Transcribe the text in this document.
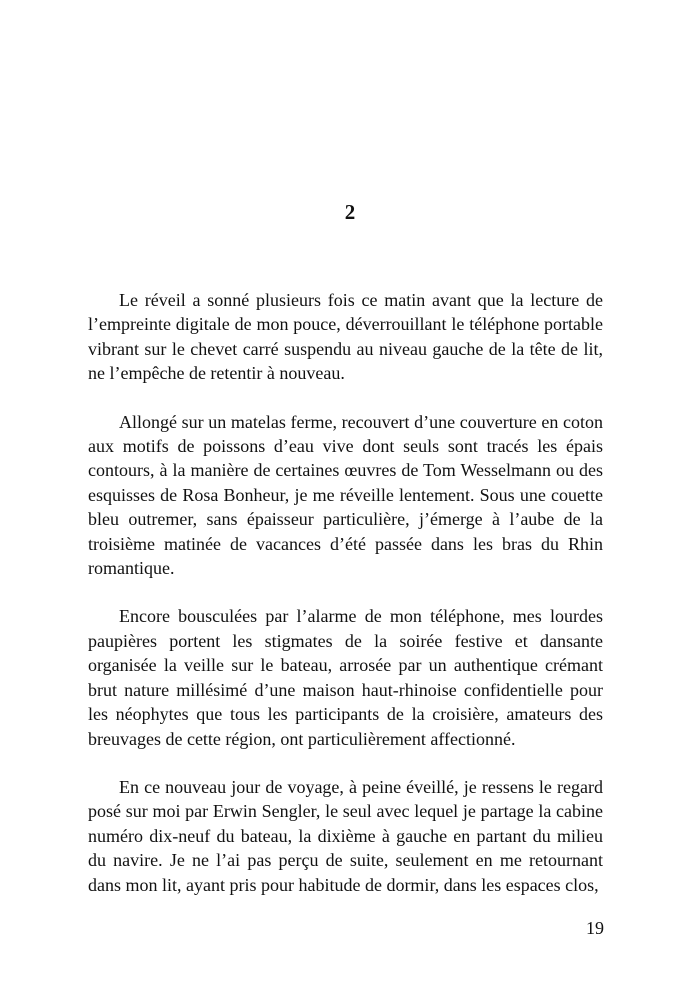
2

Le réveil a sonné plusieurs fois ce matin avant que la lecture de l’empreinte digitale de mon pouce, déverrouillant le téléphone portable vibrant sur le chevet carré suspendu au niveau gauche de la tête de lit, ne l’empêche de retentir à nouveau.

Allongé sur un matelas ferme, recouvert d’une couverture en coton aux motifs de poissons d’eau vive dont seuls sont tracés les épais contours, à la manière de certaines œuvres de Tom Wesselmann ou des esquisses de Rosa Bonheur, je me réveille lentement. Sous une couette bleu outremer, sans épaisseur particulière, j’émerge à l’aube de la troisième matinée de vacances d’été passée dans les bras du Rhin romantique.

Encore bousculées par l’alarme de mon téléphone, mes lourdes paupières portent les stigmates de la soirée festive et dansante organisée la veille sur le bateau, arrosée par un authentique crémant brut nature millésimé d’une maison haut-rhinoise confidentielle pour les néophytes que tous les participants de la croisière, amateurs des breuvages de cette région, ont particulièrement affectionné.

En ce nouveau jour de voyage, à peine éveillé, je ressens le regard posé sur moi par Erwin Sengler, le seul avec lequel je partage la cabine numéro dix-neuf du bateau, la dixième à gauche en partant du milieu du navire. Je ne l’ai pas perçu de suite, seulement en me retournant dans mon lit, ayant pris pour habitude de dormir, dans les espaces clos,

19
